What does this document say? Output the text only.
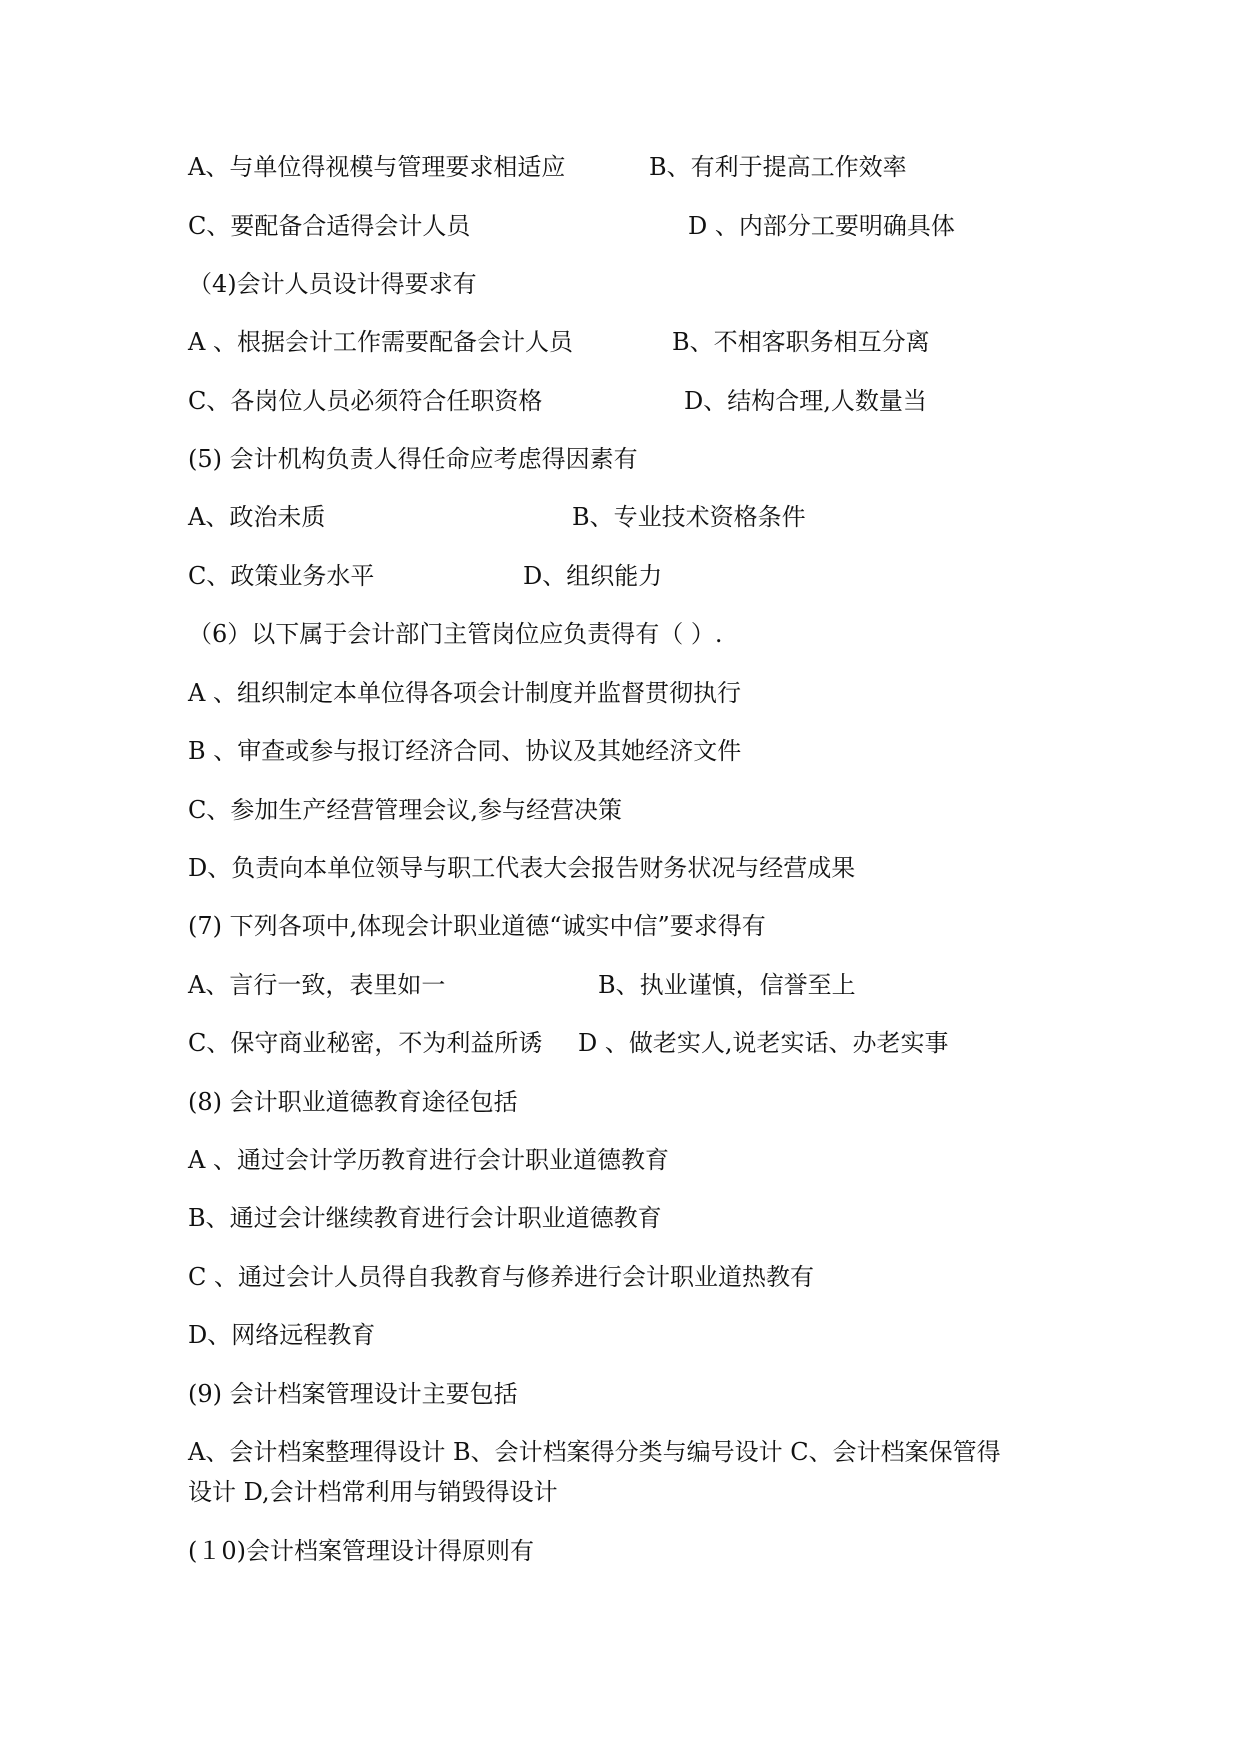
A、与单位得视模与管理要求相适应	B、有利于提高工作效率
C、要配备合适得会计人员	D 、内部分工要明确具体
（4)会计人员设计得要求有
A 、根据会计工作需要配备会计人员	B、不相客职务相互分离
C、各岗位人员必须符合任职资格	D、结构合理,人数量当
(5) 会计机构负责人得任命应考虑得因素有
A、政治未质	B、专业技术资格条件
C、政策业务水平	D、组织能力
（6）以下属于会计部门主管岗位应负责得有（ ）.
A 、组织制定本单位得各项会计制度并监督贯彻执行
B 、审查或参与报订经济合同、协议及其她经济文件
C、参加生产经营管理会议,参与经营决策
D、负责向本单位领导与职工代表大会报告财务状况与经营成果
(7) 下列各项中,体现会计职业道德“诚实中信”要求得有
A、言行一致，表里如一	B、执业谨慎，信誉至上
C、保守商业秘密，不为利益所诱 D 、做老实人,说老实话、办老实事
(8) 会计职业道德教育途径包括
A 、通过会计学历教育进行会计职业道德教育
B、通过会计继续教育进行会计职业道德教育
C 、通过会计人员得自我教育与修养进行会计职业道热教有
D、网络远程教育
(9) 会计档案管理设计主要包括
A、会计档案整理得设计 B、会计档案得分类与编号设计 C、会计档案保管得
设计 D,会计档常利用与销毁得设计
(１0)会计档案管理设计得原则有
